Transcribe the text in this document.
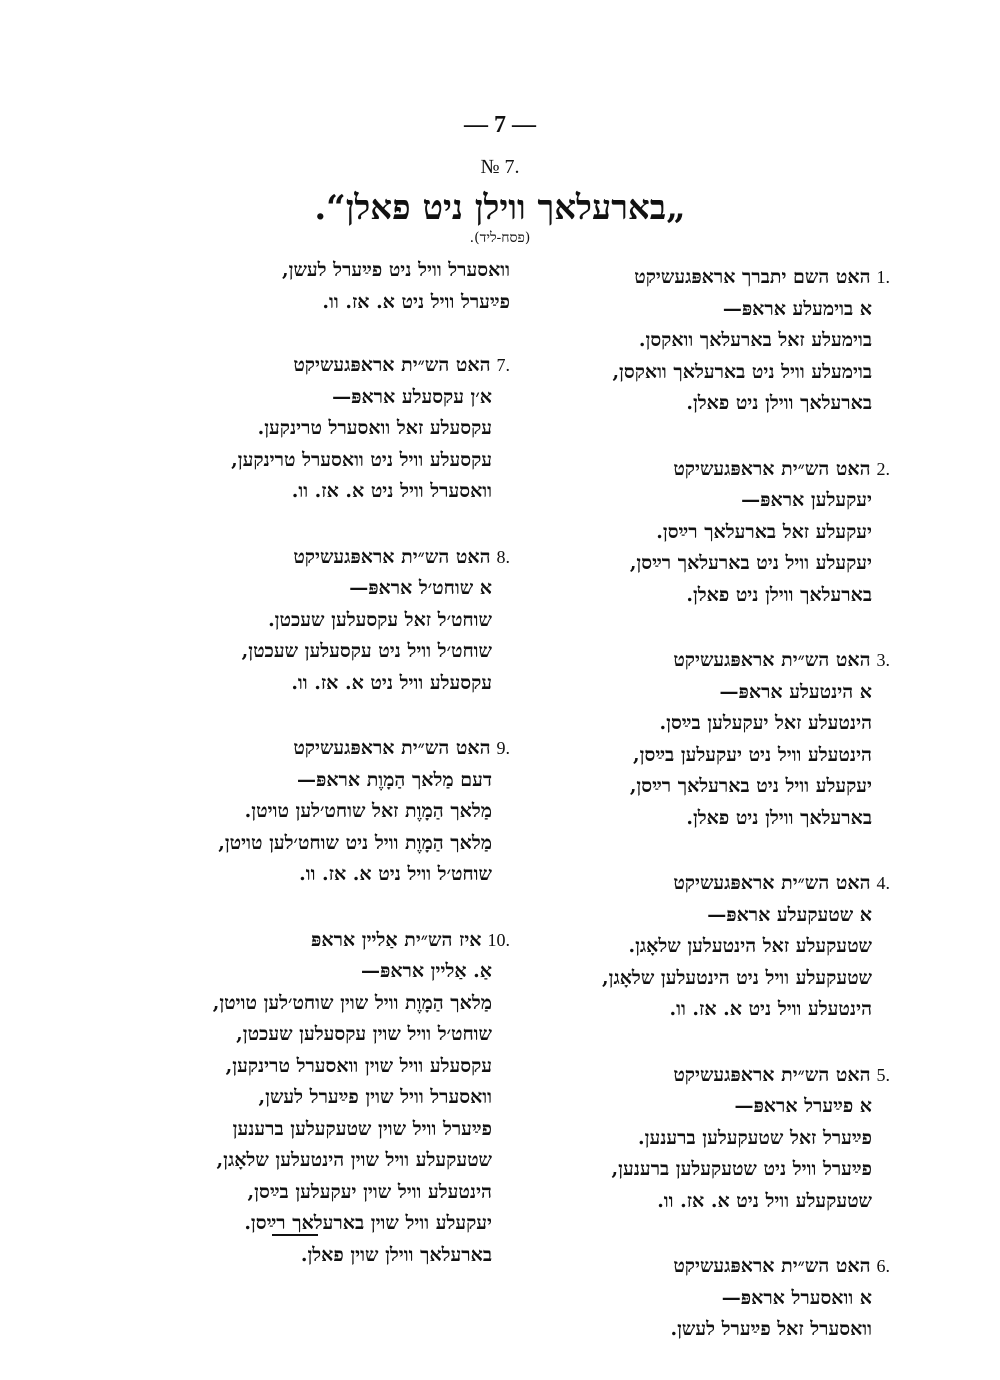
— 7 —
№ 7.
„בארעלאך ווילן ניט פאלן“.
(פסח-ליד).
1.האט השם יתברך אראפּגעשיקט
א בוימעלע אראפּ—
בוימעלע זאל בארעלאך וואקסן.
בוימעלע וויל ניט בארעלאך וואקסן,
בארעלאך ווילן ניט פאלן.
2.האט הש״ית אראפּגעשיקט
יעקעלען אראפּ—
יעקעלע זאל בארעלאך רײַסן.
יעקעלע וויל ניט בארעלאך רײַסן,
בארעלאך ווילן ניט פאלן.
3.האט הש״ית אראפּגעשיקט
א הינטעלע אראפּ—
הינטעלע זאל יעקעלען בײַסן.
הינטעלע וויל ניט יעקעלען בײַסן,
יעקעלע וויל ניט בארעלאך רײַסן,
בארעלאך ווילן ניט פאלן.
4.האט הש״ית אראפּגעשיקט
א שטעקעלע אראפּ—
שטעקעלע זאל הינטעלען שלאָגן.
שטעקעלע וויל ניט הינטעלען שלאָגן,
הינטעלע וויל ניט א. אז. וו.
5.האט הש״ית אראפּגעשיקט
א פײַערל אראפּ—
פײַערל זאל שטעקעלען ברענען.
פײַערל וויל ניט שטעקעלען ברענען,
שטעקעלע וויל ניט א. אז. וו.
6.האט הש״ית אראפּגעשיקט
א וואסערל אראפּ—
וואסערל זאל פײַערל לעשן.
וואסערל וויל ניט פײַערל לעשן,
פײַערל וויל ניט א. אז. וו.
7.האט הש״ית אראפּגעשיקט
א׳ן עקסעלע אראפּ—
עקסעלע זאל וואסערל טרינקען.
עקסעלע וויל ניט וואסערל טרינקען,
וואסערל וויל ניט א. אז. וו.
8.האט הש״ית אראפּגעשיקט
א שוחט׳ל אראפּ—
שוחט׳ל זאל עקסעלען שעכטן.
שוחט׳ל וויל ניט עקסעלען שעכטן,
עקסעלע וויל ניט א. אז. וו.
9.האט הש״ית אראפּגעשיקט
דעם מַלאך הַמָוֶת אראפּ—
מַלאך הַמָוֶת זאל שוחט׳לען טויטן.
מַלאך הַמָוֶת וויל ניט שוחט׳לען טויטן,
שוחט׳ל וויל ניט א. אז. וו.
10.איז הש״ית אַליין אראפּ
אַ. אַליין אראפּ—
מַלאך הַמָוֶת וויל שוין שוחט׳לען טויטן,
שוחט׳ל וויל שוין עקסעלען שעכטן,
עקסעלע וויל שוין וואסערל טרינקען,
וואסערל וויל שוין פײַערל לעשן,
פײַערל וויל שוין שטעקעלען ברענען
שטעקעלע וויל שוין הינטעלען שלאָגן,
הינטעלע וויל שוין יעקעלען בײַסן,
יעקעלע וויל שוין בארעלאך רײַסן.
בארעלאך ווילן שוין פאלן.
